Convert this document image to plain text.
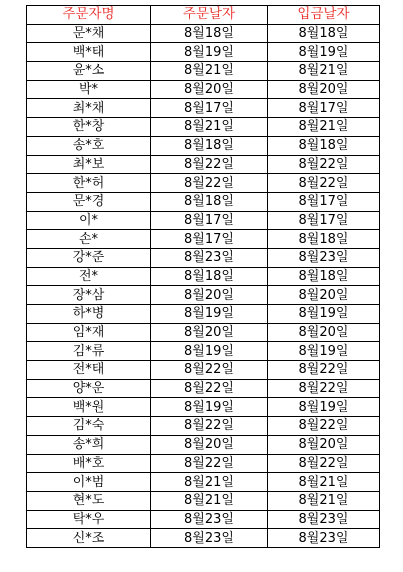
주문자명	주문날자	입금날자
문*채	8월18일	8월18일
백*태	8월19일	8월19일
윤*소	8월21일	8월21일
박*	8월20일	8월20일
최*채	8월17일	8월17일
한*창	8월21일	8월21일
송*호	8월18일	8월18일
최*보	8월22일	8월22일
한*허	8월22일	8월22일
문*경	8월18일	8월17일
이*	8월17일	8월17일
손*	8월17일	8월18일
강*준	8월23일	8월23일
전*	8월18일	8월18일
장*삼	8월20일	8월20일
하*병	8월19일	8월19일
임*재	8월20일	8월20일
김*류	8월19일	8월19일
전*태	8월22일	8월22일
양*운	8월22일	8월22일
백*원	8월19일	8월19일
김*숙	8월22일	8월22일
송*희	8월20일	8월20일
배*호	8월22일	8월22일
이*범	8월21일	8월21일
현*도	8월21일	8월21일
탁*우	8월23일	8월23일
신*조	8월23일	8월23일
